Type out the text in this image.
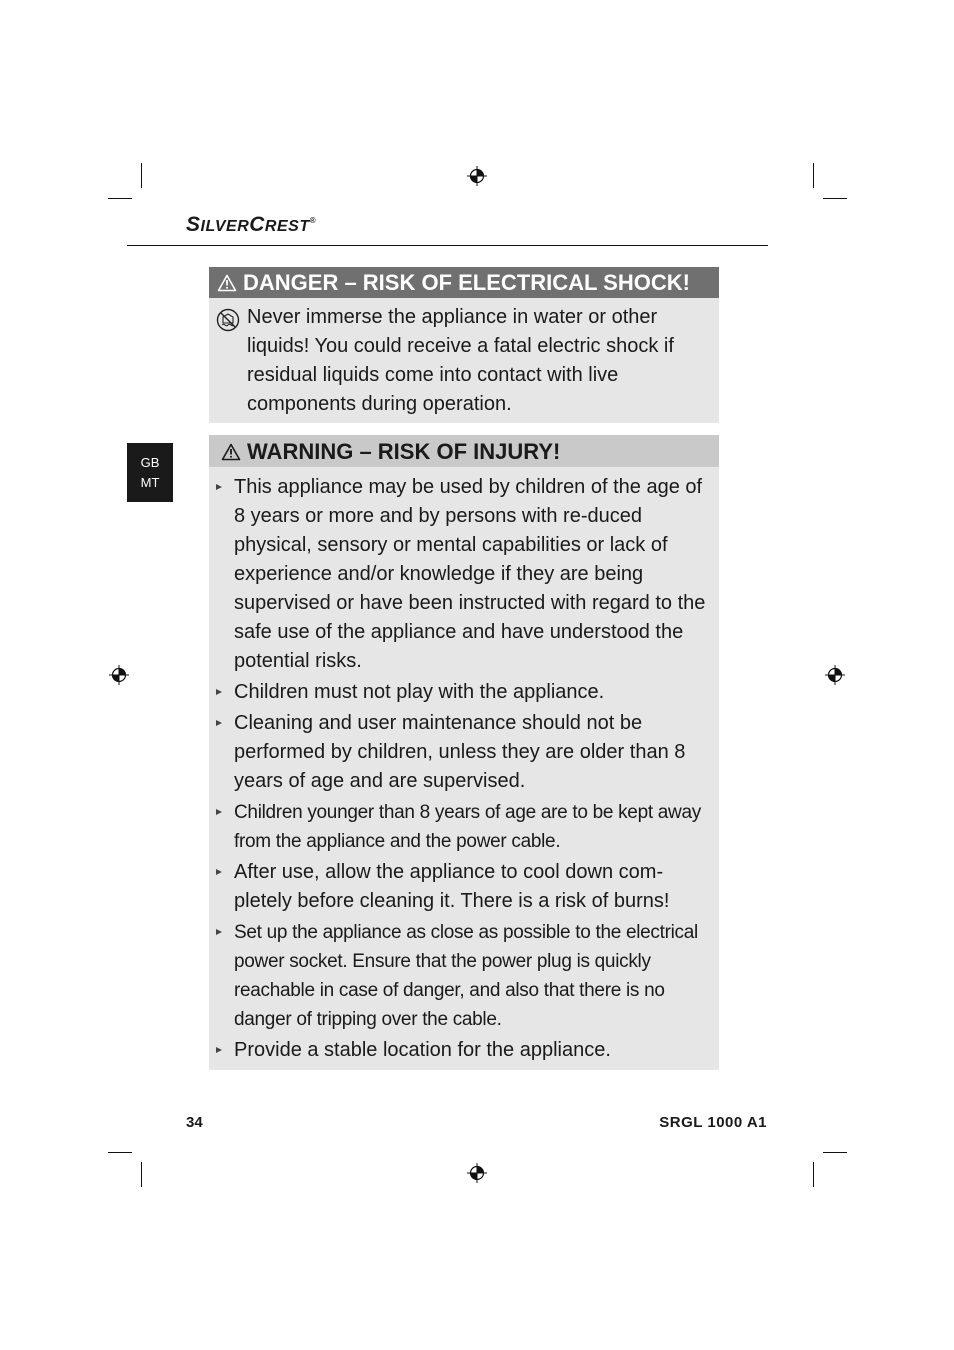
SILVERCREST®
GB
MT
DANGER – RISK OF ELECTRICAL SHOCK!
Never immerse the appliance in water or other liquids! You could receive a fatal electric shock if residual liquids come into contact with live components during operation.
WARNING – RISK OF INJURY!
This appliance may be used by children of the age of 8 years or more and by persons with re-duced physical, sensory or mental capabilities or lack of experience and/or knowledge if they are being supervised or have been instructed with regard to the safe use of the appliance and have understood the potential risks.
Children must not play with the appliance.
Cleaning and user maintenance should not be performed by children, unless they are older than 8 years of age and are supervised.
Children younger than 8 years of age are to be kept away from the appliance and the power cable.
After use, allow the appliance to cool down com-pletely before cleaning it. There is a risk of burns!
Set up the appliance as close as possible to the electrical power socket. Ensure that the power plug is quickly reachable in case of danger, and also that there is no danger of tripping over the cable.
Provide a stable location for the appliance.
34	SRGL 1000 A1
